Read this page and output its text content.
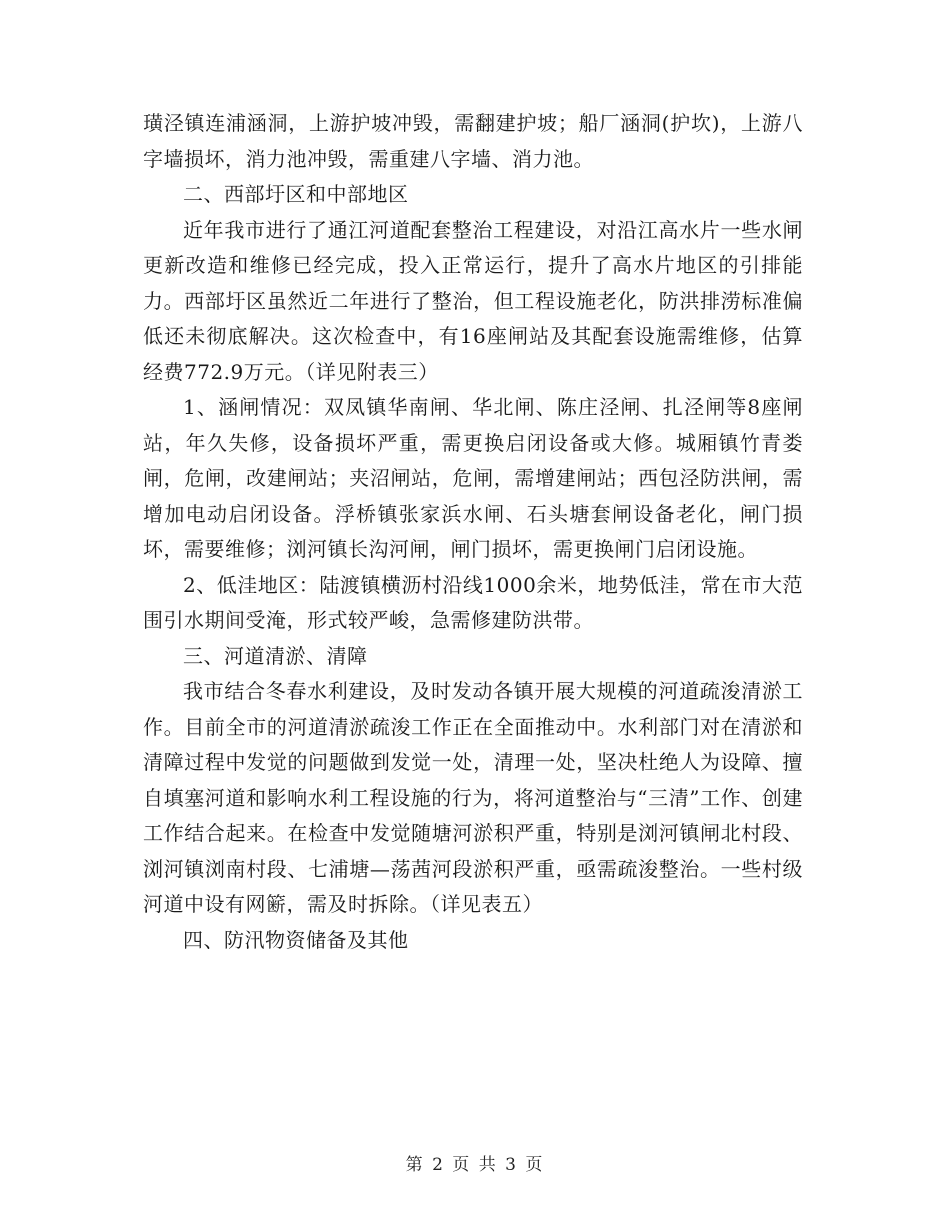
璜泾镇连浦涵洞，上游护坡冲毁，需翻建护坡；船厂涵洞(护坎)，上游八字墙损坏，消力池冲毁，需重建八字墙、消力池。

二、西部圩区和中部地区

近年我市进行了通江河道配套整治工程建设，对沿江高水片一些水闸更新改造和维修已经完成，投入正常运行，提升了高水片地区的引排能力。西部圩区虽然近二年进行了整治，但工程设施老化，防洪排涝标准偏低还未彻底解决。这次检查中，有16座闸站及其配套设施需维修，估算经费772.9万元。（详见附表三）

1、涵闸情况：双凤镇华南闸、华北闸、陈庄泾闸、扎泾闸等8座闸站，年久失修，设备损坏严重，需更换启闭设备或大修。城厢镇竹青娄闸，危闸，改建闸站；夹沼闸站，危闸，需增建闸站；西包泾防洪闸，需增加电动启闭设备。浮桥镇张家浜水闸、石头塘套闸设备老化，闸门损坏，需要维修；浏河镇长沟河闸，闸门损坏，需更换闸门启闭设施。

2、低洼地区：陆渡镇横沥村沿线1000余米，地势低洼，常在市大范围引水期间受淹，形式较严峻，急需修建防洪带。

三、河道清淤、清障

我市结合冬春水利建设，及时发动各镇开展大规模的河道疏浚清淤工作。目前全市的河道清淤疏浚工作正在全面推动中。水利部门对在清淤和清障过程中发觉的问题做到发觉一处，清理一处，坚决杜绝人为设障、擅自填塞河道和影响水利工程设施的行为，将河道整治与“三清”工作、创建工作结合起来。在检查中发觉随塘河淤积严重，特别是浏河镇闸北村段、浏河镇浏南村段、七浦塘—荡茜河段淤积严重，亟需疏浚整治。一些村级河道中设有网簖，需及时拆除。（详见表五）

四、防汛物资储备及其他

第 2 页 共 3 页
